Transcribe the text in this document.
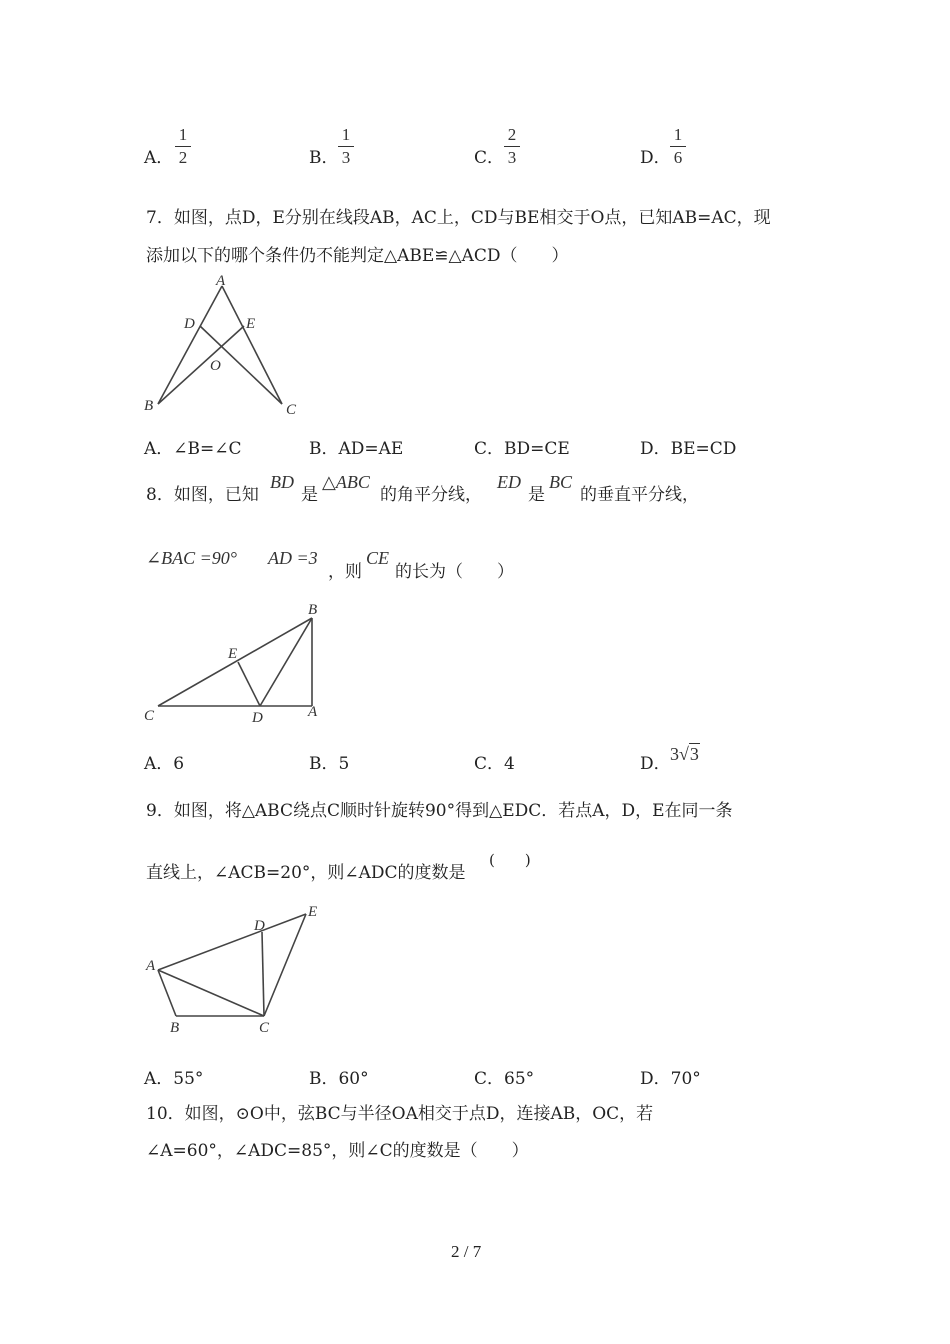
A．
1
2	B．
1
3	C．
2
3	D．
1
6
7．如图，点D，E分别在线段AB，AC上，CD与BE相交于O点，已知AB=AC，现
添加以下的哪个条件仍不能判定△ABE≌△ACD（　　）
A
D	E
O
B	C
A．∠B=∠C	B．AD=AE	C．BD=CE	D．BE=CD
8．如图，已知
BD
是
△ABC
的角平分线，
ED
是
BC
的垂直平分线，
∠BAC =90° AD =3
，则
CE
的长为（　　）
B
E
C	D	A
A．6	B．5	C．4	D． 3√3
9．如图，将△ABC绕点C顺时针旋转90°得到△EDC．若点A，D，E在同一条
直线上，∠ACB=20°，则∠ADC的度数是
(　　)
A
B	C
D
E
A．55°	B．60°	C．65°	D．70°
10．如图，⊙O中，弦BC与半径OA相交于点D，连接AB，OC，若
∠A=60°，∠ADC=85°，则∠C的度数是（　　）
2 / 7
